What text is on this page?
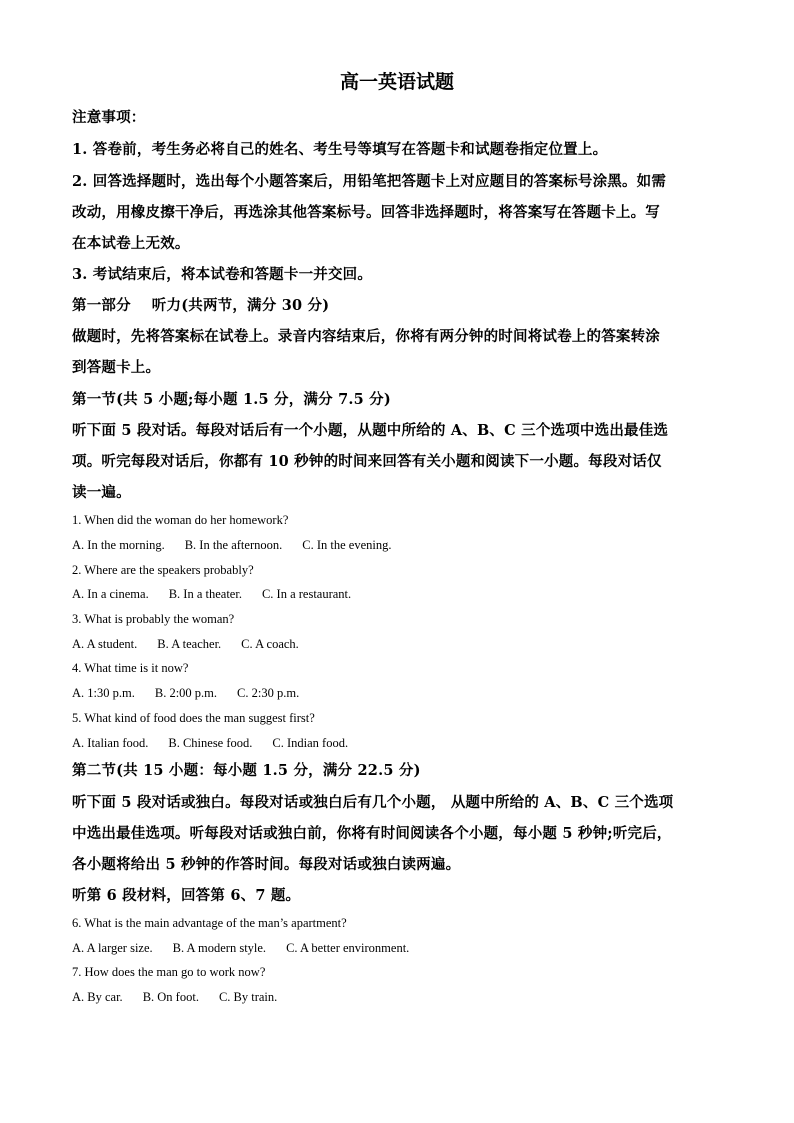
高一英语试题
注意事项：
1. 答卷前，考生务必将自己的姓名、考生号等填写在答题卡和试题卷指定位置上。
2. 回答选择题时，选出每个小题答案后，用铅笔把答题卡上对应题目的答案标号涂黑。如需
改动，用橡皮擦干净后，再选涂其他答案标号。回答非选择题时，将答案写在答题卡上。写
在本试卷上无效。
3. 考试结束后，将本试卷和答题卡一并交回。
第一部分    听力(共两节，满分 30 分)
做题时，先将答案标在试卷上。录音内容结束后，你将有两分钟的时间将试卷上的答案转涂
到答题卡上。
第一节(共 5 小题;每小题 1.5 分，满分 7.5 分)
听下面 5 段对话。每段对话后有一个小题，从题中所给的 A、B、C 三个选项中选出最佳选
项。听完每段对话后，你都有 10 秒钟的时间来回答有关小题和阅读下一小题。每段对话仅
读一遍。
1. When did the woman do her homework?
A. In the morning. B. In the afternoon. C. In the evening.
2. Where are the speakers probably?
A. In a cinema. B. In a theater. C. In a restaurant.
3. What is probably the woman?
A. A student. B. A teacher. C. A coach.
4. What time is it now?
A. 1:30 p.m. B. 2:00 p.m. C. 2:30 p.m.
5. What kind of food does the man suggest first?
A. Italian food. B. Chinese food. C. Indian food.
第二节(共 15 小题：每小题 1.5 分，满分 22.5 分)
听下面 5 段对话或独白。每段对话或独白后有几个小题， 从题中所给的 A、B、C 三个选项
中选出最佳选项。听每段对话或独白前，你将有时间阅读各个小题，每小题 5 秒钟;听完后，
各小题将给出 5 秒钟的作答时间。每段对话或独白读两遍。
听第 6 段材料，回答第 6、7 题。
6. What is the main advantage of the man’s apartment?
A. A larger size. B. A modern style. C. A better environment.
7. How does the man go to work now?
A. By car. B. On foot. C. By train.
